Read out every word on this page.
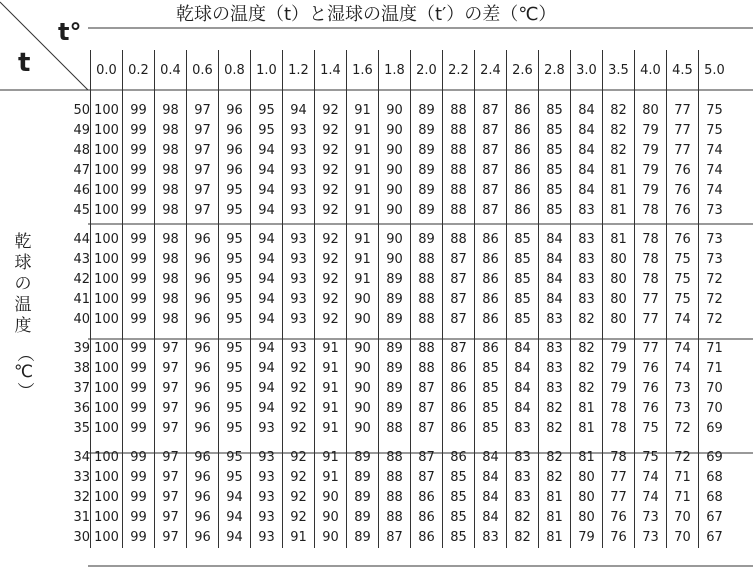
t
t°
乾球の温度（t）と湿球の温度（t′）の差（℃）
乾
球
の
温
度
（℃）
	0.0	0.2	0.4	0.6	0.8	1.0	1.2	1.4	1.6	1.8	2.0	2.2	2.4	2.6	2.8	3.0	3.5	4.0	4.5	5.0
50	100	99	98	97	96	95	94	92	91	90	89	88	87	86	85	84	82	80	77	75
49	100	99	98	97	96	95	93	92	91	90	89	88	87	86	85	84	82	79	77	75
48	100	99	98	97	96	94	93	92	91	90	89	88	87	86	85	84	82	79	77	74
47	100	99	98	97	96	94	93	92	91	90	89	88	87	86	85	84	81	79	76	74
46	100	99	98	97	95	94	93	92	91	90	89	88	87	86	85	84	81	79	76	74
45	100	99	98	97	95	94	93	92	91	90	89	88	87	86	85	83	81	78	76	73
44	100	99	98	96	95	94	93	92	91	90	89	88	86	85	84	83	81	78	76	73
43	100	99	98	96	95	94	93	92	91	90	88	87	86	85	84	83	80	78	75	73
42	100	99	98	96	95	94	93	92	91	89	88	87	86	85	84	83	80	78	75	72
41	100	99	98	96	95	94	93	92	90	89	88	87	86	85	84	83	80	77	75	72
40	100	99	98	96	95	94	93	92	90	89	88	87	86	85	83	82	80	77	74	72
39	100	99	97	96	95	94	93	91	90	89	88	87	86	84	83	82	79	77	74	71
38	100	99	97	96	95	94	92	91	90	89	88	86	85	84	83	82	79	76	74	71
37	100	99	97	96	95	94	92	91	90	89	87	86	85	84	83	82	79	76	73	70
36	100	99	97	96	95	94	92	91	90	89	87	86	85	84	82	81	78	76	73	70
35	100	99	97	96	95	93	92	91	90	88	87	86	85	83	82	81	78	75	72	69
34	100	99	97	96	95	93	92	91	89	88	87	86	84	83	82	81	78	75	72	69
33	100	99	97	96	95	93	92	91	89	88	87	85	84	83	82	80	77	74	71	68
32	100	99	97	96	94	93	92	90	89	88	86	85	84	83	81	80	77	74	71	68
31	100	99	97	96	94	93	92	90	89	88	86	85	84	82	81	80	76	73	70	67
30	100	99	97	96	94	93	91	90	89	87	86	85	83	82	81	79	76	73	70	67
